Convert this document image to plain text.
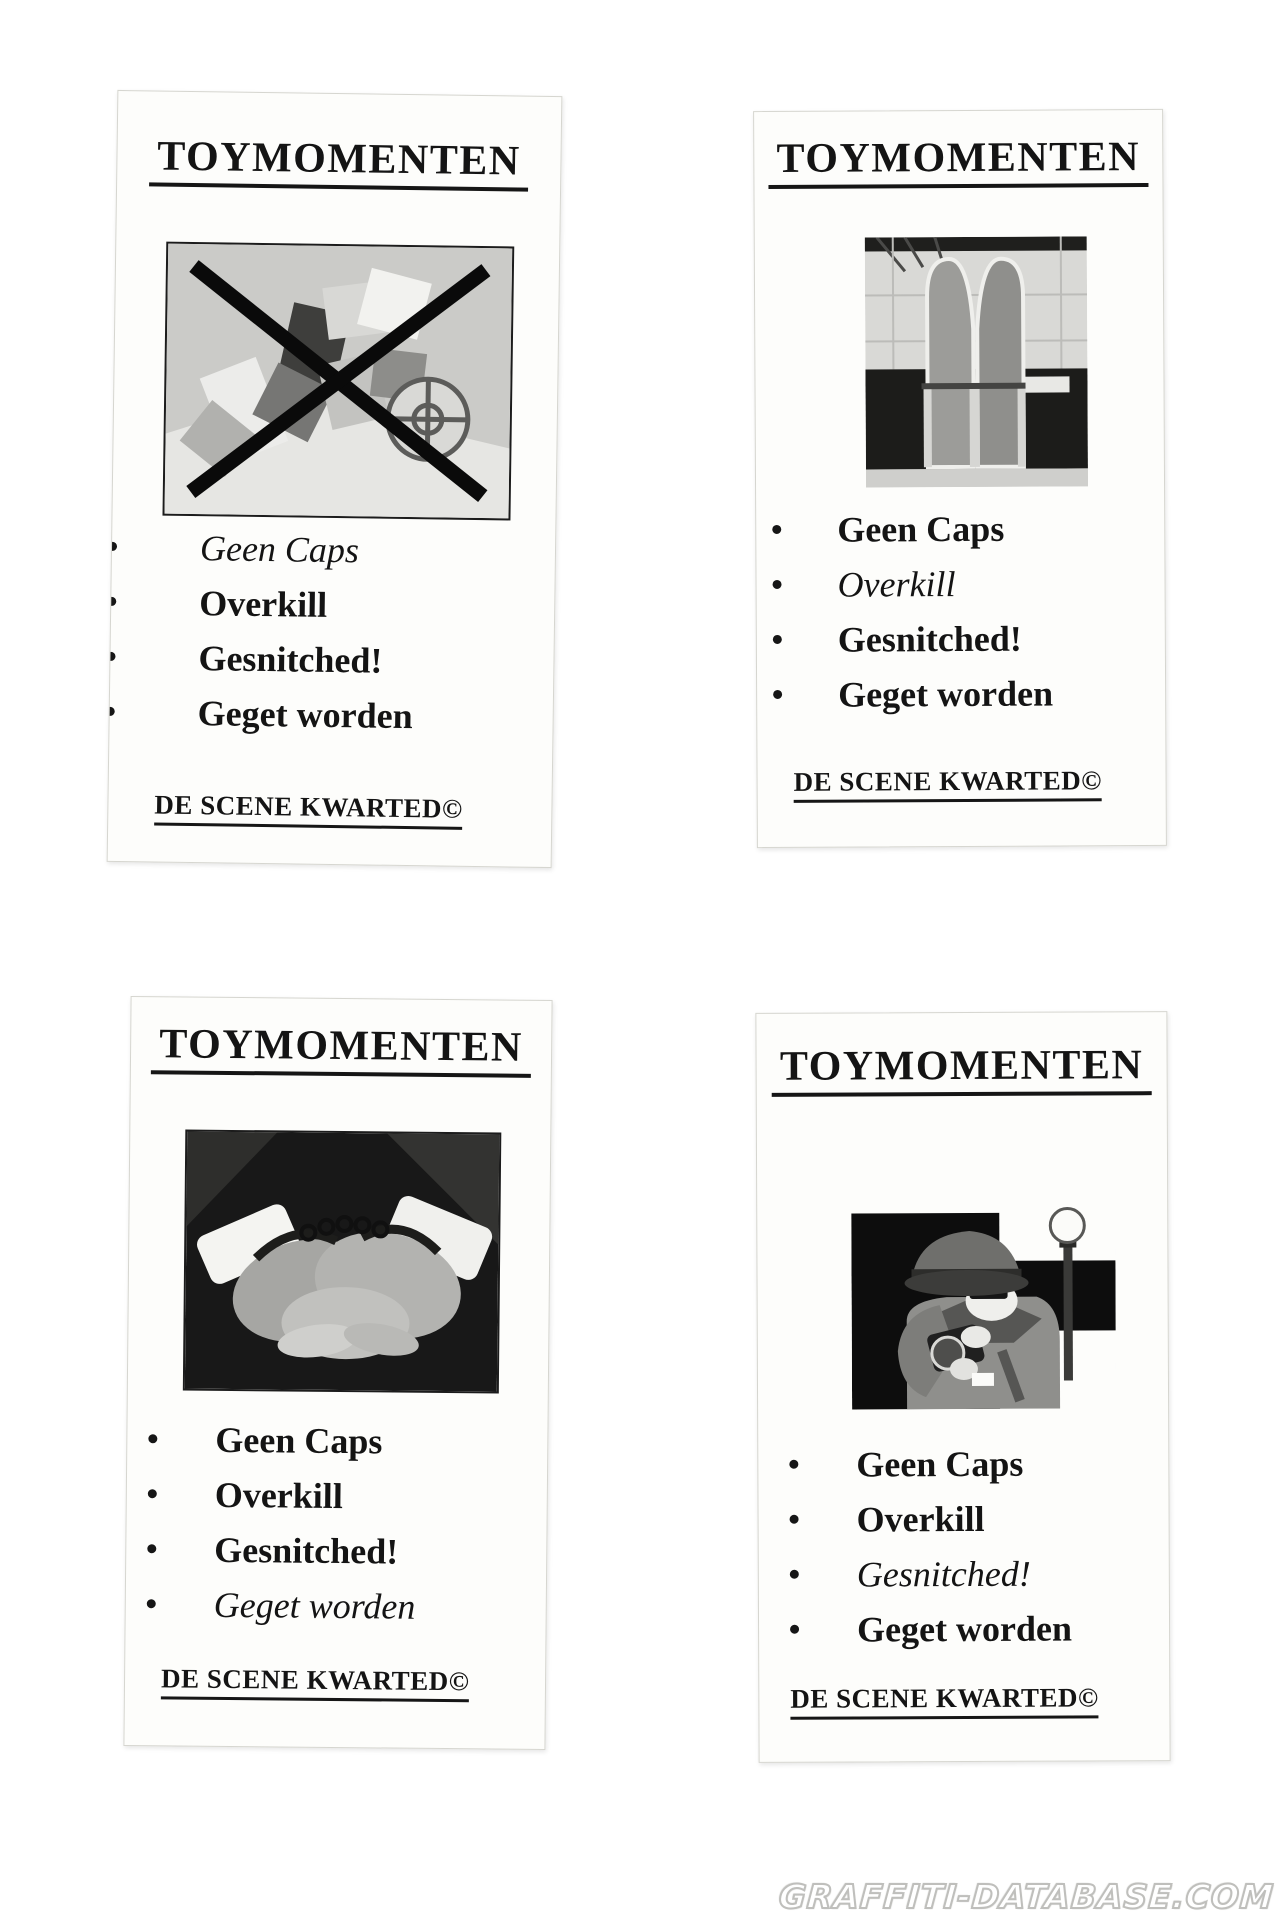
TOYMOMENTEN
Geen Caps
Overkill
Gesnitched!
Geget worden
DE SCENE KWARTED©
TOYMOMENTEN
Geen Caps
Overkill
Gesnitched!
Geget worden
DE SCENE KWARTED©
TOYMOMENTEN
Geen Caps
Overkill
Gesnitched!
Geget worden
DE SCENE KWARTED©
TOYMOMENTEN
Geen Caps
Overkill
Gesnitched!
Geget worden
DE SCENE KWARTED©
GRAFFITI-DATABASE.COM
